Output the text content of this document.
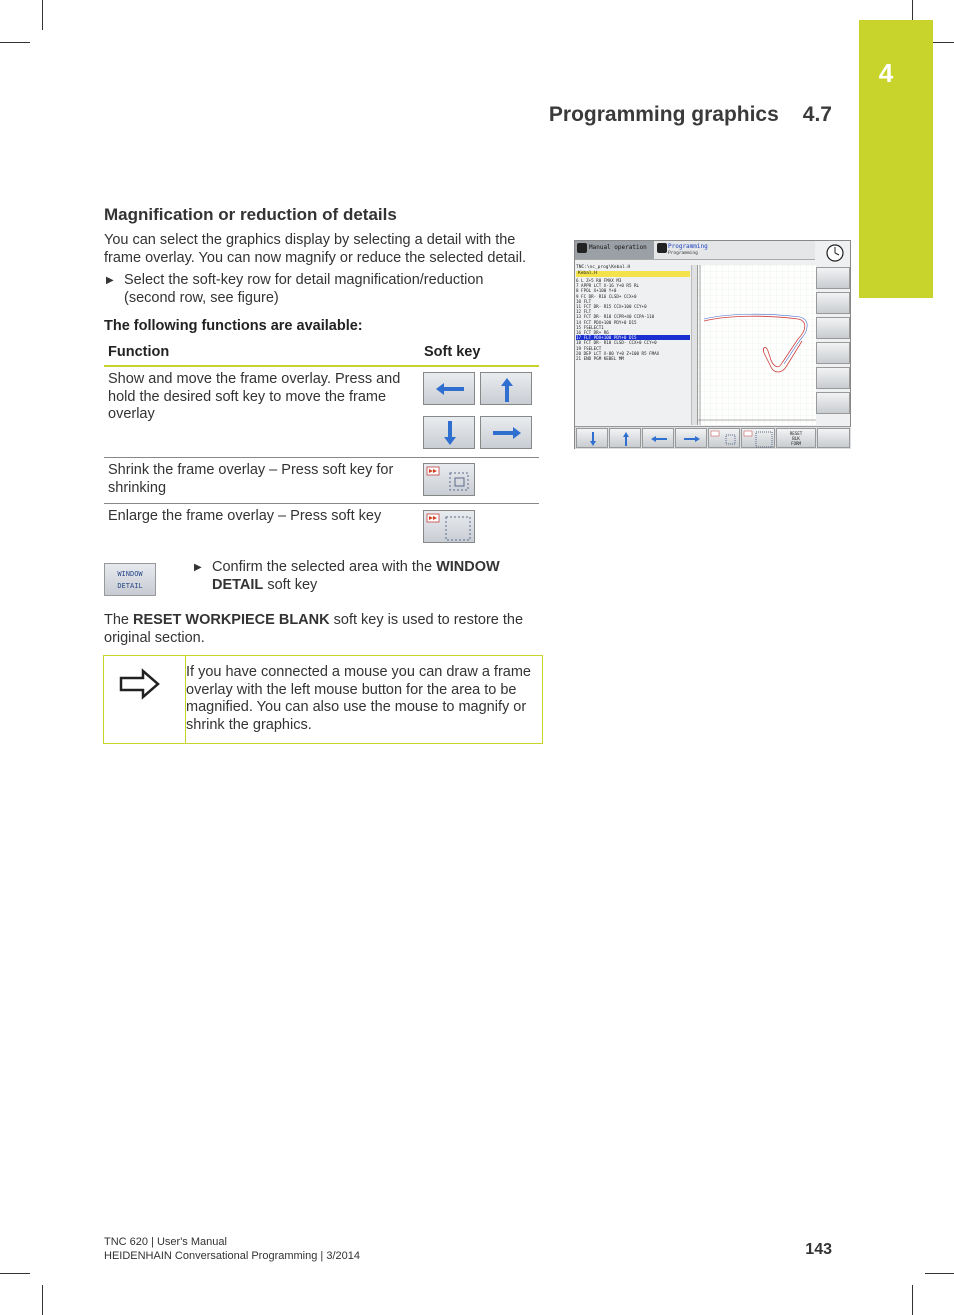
4
Programming graphics 4.7
Magnification or reduction of details
You can select the graphics display by selecting a detail with the frame overlay. You can now magnify or reduce the selected detail.
▶ Select the soft-key row for detail magnification/reduction (second row, see figure)
The following functions are available:
Function	Soft key
Show and move the frame overlay. Press and hold the desired soft key to move the frame overlay
Shrink the frame overlay – Press soft key for shrinking
Enlarge the frame overlay – Press soft key
WINDOW
DETAIL
▶ Confirm the selected area with the WINDOW DETAIL soft key
The RESET WORKPIECE BLANK soft key is used to restore the original section.
If you have connected a mouse you can draw a frame overlay with the left mouse button for the area to be magnified. You can also use the mouse to magnify or shrink the graphics.
Manual operation	Programming
Programming
TNC:\nc_prog\Kebal.H
Kebal.H
6 L Z+5 R0 FMAX M3
7 APPR LCT X-16 Y+0 R5 RL
8 FPOL X+100 Y+0
9 FC DR- R16 CLSD+ CCX+0
10 FLT
11 FCT DR- R15 CCX+100 CCY+0
12 FLT
13 FCT DR- R18 CCPR+40 CCPA-110
14 FCT PDX+100 PDY+0 D15
15 FSELECT1
16 FCT DR+ R6
17 FLT PDX+100 PDY+0 D15
18 FCT DR- R18 CLSD- CCX+0 CCY+0
19 FSELECT
20 DEP LCT X-80 Y+0 Z+100 R5 FMAX
21 END PGM KEBEL MM
RESET
BLK
FORM
TNC 620 | User's Manual
HEIDENHAIN Conversational Programming | 3/2014	143
